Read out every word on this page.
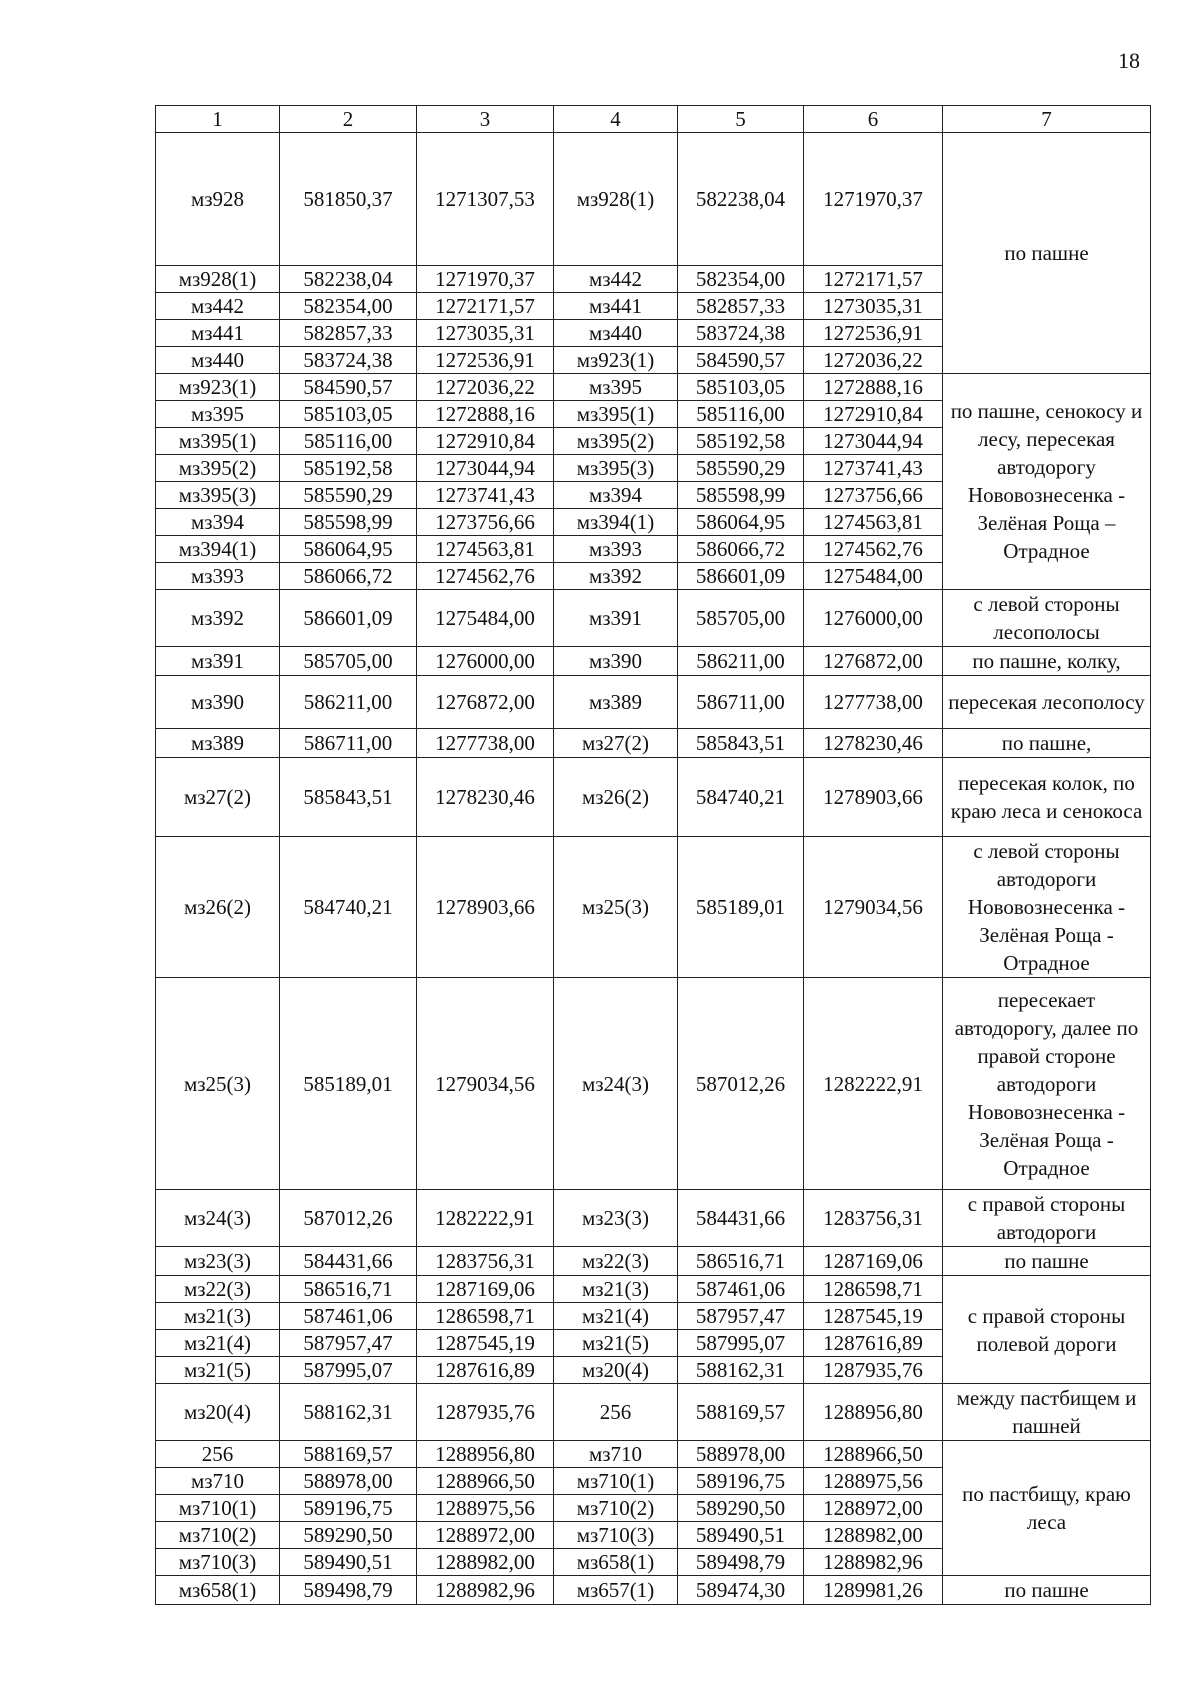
18
1	2	3	4	5	6	7
мз928	581850,37	1271307,53	мз928(1)	582238,04	1271970,37	по пашне
мз928(1)	582238,04	1271970,37	мз442	582354,00	1272171,57	
мз442	582354,00	1272171,57	мз441	582857,33	1273035,31	
мз441	582857,33	1273035,31	мз440	583724,38	1272536,91	
мз440	583724,38	1272536,91	мз923(1)	584590,57	1272036,22	
мз923(1)	584590,57	1272036,22	мз395	585103,05	1272888,16	по пашне, сенокосу и лесу, пересекая автодорогу Нововознесенка - Зелёная Роща – Отрадное
мз395	585103,05	1272888,16	мз395(1)	585116,00	1272910,84	
мз395(1)	585116,00	1272910,84	мз395(2)	585192,58	1273044,94	
мз395(2)	585192,58	1273044,94	мз395(3)	585590,29	1273741,43	
мз395(3)	585590,29	1273741,43	мз394	585598,99	1273756,66	
мз394	585598,99	1273756,66	мз394(1)	586064,95	1274563,81	
мз394(1)	586064,95	1274563,81	мз393	586066,72	1274562,76	
мз393	586066,72	1274562,76	мз392	586601,09	1275484,00	
мз392	586601,09	1275484,00	мз391	585705,00	1276000,00	с левой стороны лесополосы
мз391	585705,00	1276000,00	мз390	586211,00	1276872,00	по пашне, колку,
мз390	586211,00	1276872,00	мз389	586711,00	1277738,00	пересекая лесополосу
мз389	586711,00	1277738,00	мз27(2)	585843,51	1278230,46	по пашне,
мз27(2)	585843,51	1278230,46	мз26(2)	584740,21	1278903,66	пересекая колок, по краю леса и сенокоса
мз26(2)	584740,21	1278903,66	мз25(3)	585189,01	1279034,56	с левой стороны автодороги Нововознесенка - Зелёная Роща - Отрадное
мз25(3)	585189,01	1279034,56	мз24(3)	587012,26	1282222,91	пересекает автодорогу, далее по правой стороне автодороги Нововознесенка - Зелёная Роща - Отрадное
мз24(3)	587012,26	1282222,91	мз23(3)	584431,66	1283756,31	с правой стороны автодороги
мз23(3)	584431,66	1283756,31	мз22(3)	586516,71	1287169,06	по пашне
мз22(3)	586516,71	1287169,06	мз21(3)	587461,06	1286598,71	с правой стороны полевой дороги
мз21(3)	587461,06	1286598,71	мз21(4)	587957,47	1287545,19	
мз21(4)	587957,47	1287545,19	мз21(5)	587995,07	1287616,89	
мз21(5)	587995,07	1287616,89	мз20(4)	588162,31	1287935,76	
мз20(4)	588162,31	1287935,76	256	588169,57	1288956,80	между пастбищем и пашней
256	588169,57	1288956,80	мз710	588978,00	1288966,50	по пастбищу, краю леса
мз710	588978,00	1288966,50	мз710(1)	589196,75	1288975,56	
мз710(1)	589196,75	1288975,56	мз710(2)	589290,50	1288972,00	
мз710(2)	589290,50	1288972,00	мз710(3)	589490,51	1288982,00	
мз710(3)	589490,51	1288982,00	мз658(1)	589498,79	1288982,96	
мз658(1)	589498,79	1288982,96	мз657(1)	589474,30	1289981,26	по пашне
